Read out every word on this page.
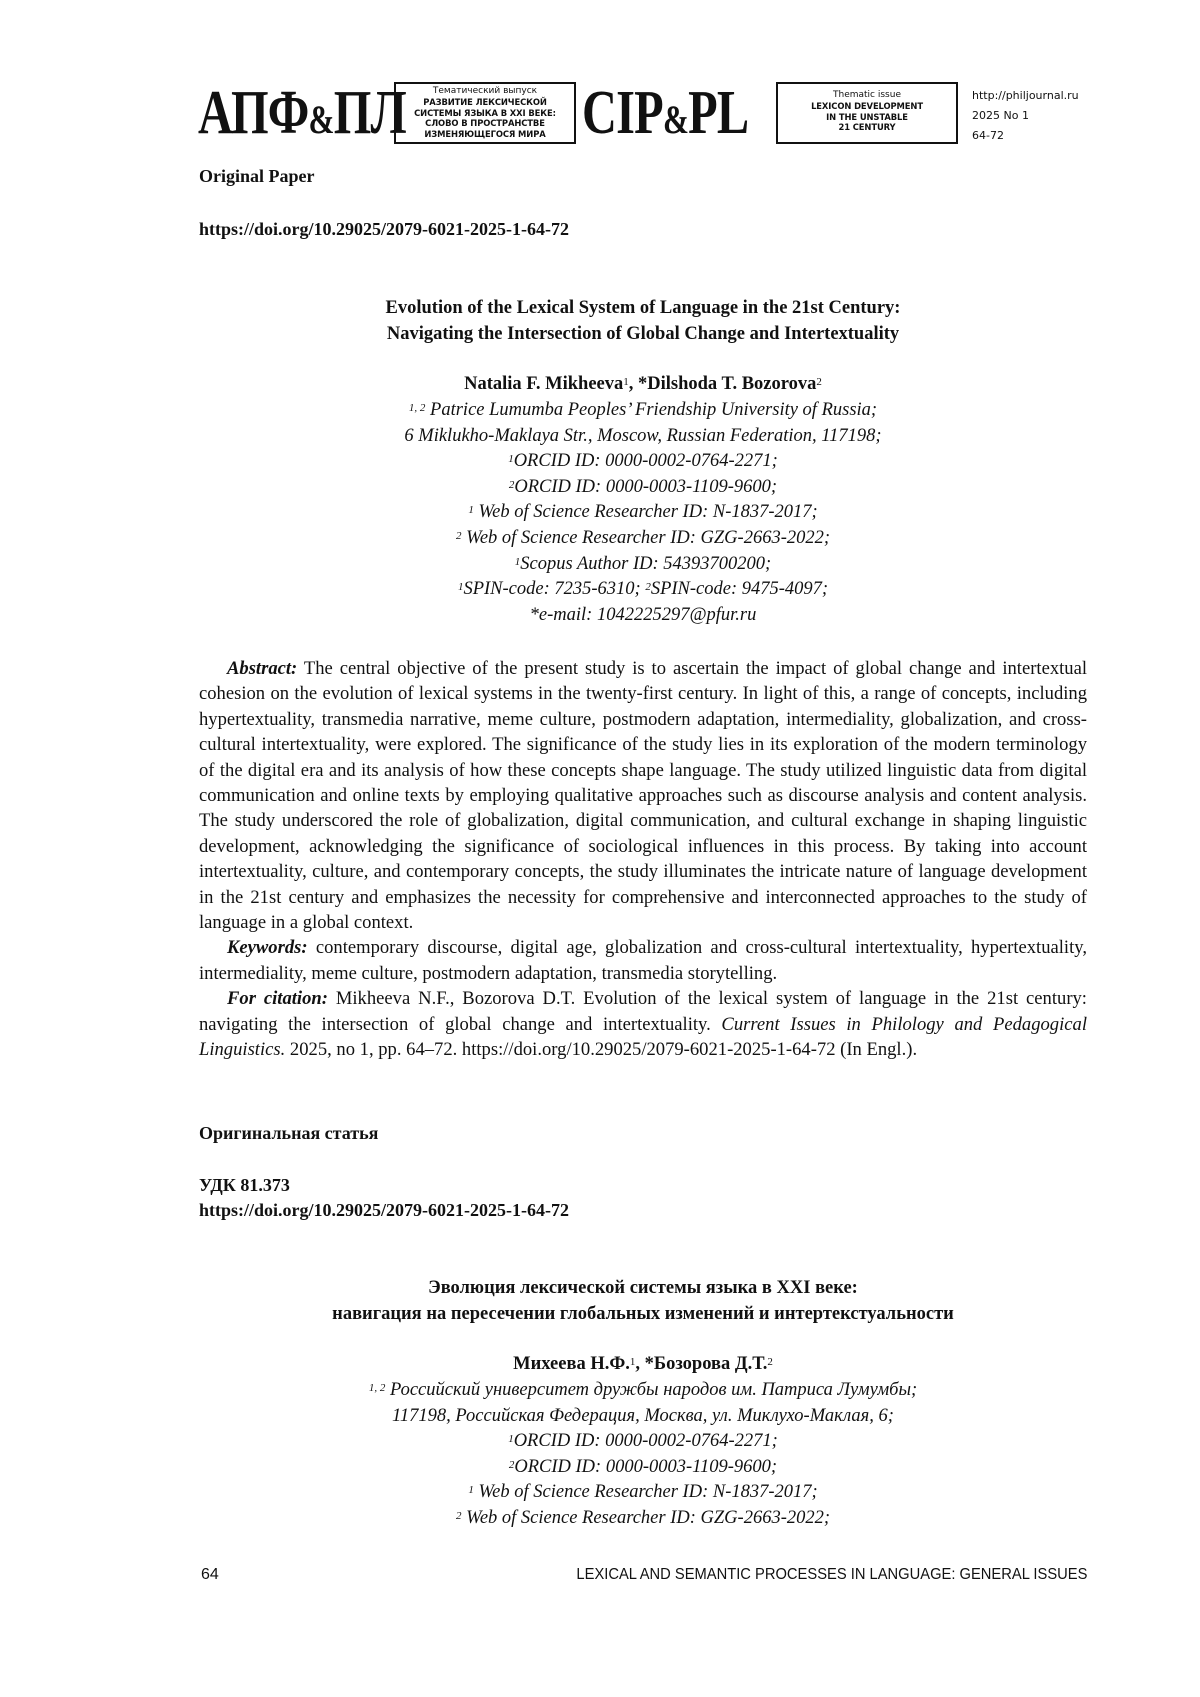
АПФ&ПЛ	Тематический выпуск
РАЗВИТИЕ ЛЕКСИЧЕСКОЙ
СИСТЕМЫ ЯЗЫКА В XXI ВЕКЕ:
СЛОВО В ПРОСТРАНСТВЕ
ИЗМЕНЯЮЩЕГОСЯ МИРА CIP&PL	Thematic issue
LEXICON DEVELOPMENT
IN THE UNSTABLE
21 CENTURY
http://philjournal.ru
2025 No 1
64-72
Original Paper
https://doi.org/10.29025/2079-6021-2025-1-64-72
Evolution of the Lexical System of Language in the 21st Century:
Navigating the Intersection of Global Change and Intertextuality
Natalia F. Mikheeva$^1$, *Dilshoda T. Bozorova$^2$
$^{1, 2}$ Patrice Lumumba Peoples’ Friendship University of Russia;
6 Miklukho-Maklaya Str., Moscow, Russian Federation, 117198;
$^1$ORCID ID: 0000-0002-0764-2271;
$^2$ORCID ID: 0000-0003-1109-9600;
$^1$ Web of Science Researcher ID: N-1837-2017;
$^2$ Web of Science Researcher ID: GZG-2663-2022;
$^1$Scopus Author ID: 54393700200;
$^1$SPIN-code: 7235-6310; $^2$SPIN-code: 9475-4097;
*e-mail: 1042225297@pfur.ru

Abstract: The central objective of the present study is to ascertain the impact of global change and intertextual cohesion on the evolution of lexical systems in the twenty-first century. In light of this, a range of concepts, including hypertextuality, transmedia narrative, meme culture, postmodern adaptation, intermediality, globalization, and cross-cultural intertextuality, were explored. The significance of the study lies in its exploration of the modern terminology of the digital era and its analysis of how these concepts shape language. The study utilized linguistic data from digital communication and online texts by employing qualitative approaches such as discourse analysis and content analysis. The study underscored the role of globalization, digital communication, and cultural exchange in shaping linguistic development, acknowledging the significance of sociological influences in this process. By taking into account intertextuality, culture, and contemporary concepts, the study illuminates the intricate nature of language development in the 21st century and emphasizes the necessity for comprehensive and interconnected approaches to the study of language in a global context.

Keywords: contemporary discourse, digital age, globalization and cross-cultural intertextuality, hypertextuality, intermediality, meme culture, postmodern adaptation, transmedia storytelling.

For citation: Mikheeva N.F., Bozorova D.T. Evolution of the lexical system of language in the 21st century: navigating the intersection of global change and intertextuality. Current Issues in Philology and Pedagogical Linguistics. 2025, no 1, pp. 64–72. https://doi.org/10.29025/2079-6021-2025-1-64-72 (In Engl.).

Оригинальная статья
УДК 81.373
https://doi.org/10.29025/2079-6021-2025-1-64-72
Эволюция лексической системы языка в XXI веке:
навигация на пересечении глобальных изменений и интертекстуальности
Михеева Н.Ф.$^1$, *Бозорова Д.Т.$^2$
$^{1, 2}$ Российский университет дружбы народов им. Патриса Лумумбы;
117198, Российская Федерация, Москва, ул. Миклухо-Маклая, 6;
$^1$ORCID ID: 0000-0002-0764-2271;
$^2$ORCID ID: 0000-0003-1109-9600;
$^1$ Web of Science Researcher ID: N-1837-2017;
$^2$ Web of Science Researcher ID: GZG-2663-2022;
64	LEXICAL AND SEMANTIC PROCESSES IN LANGUAGE: GENERAL ISSUES
